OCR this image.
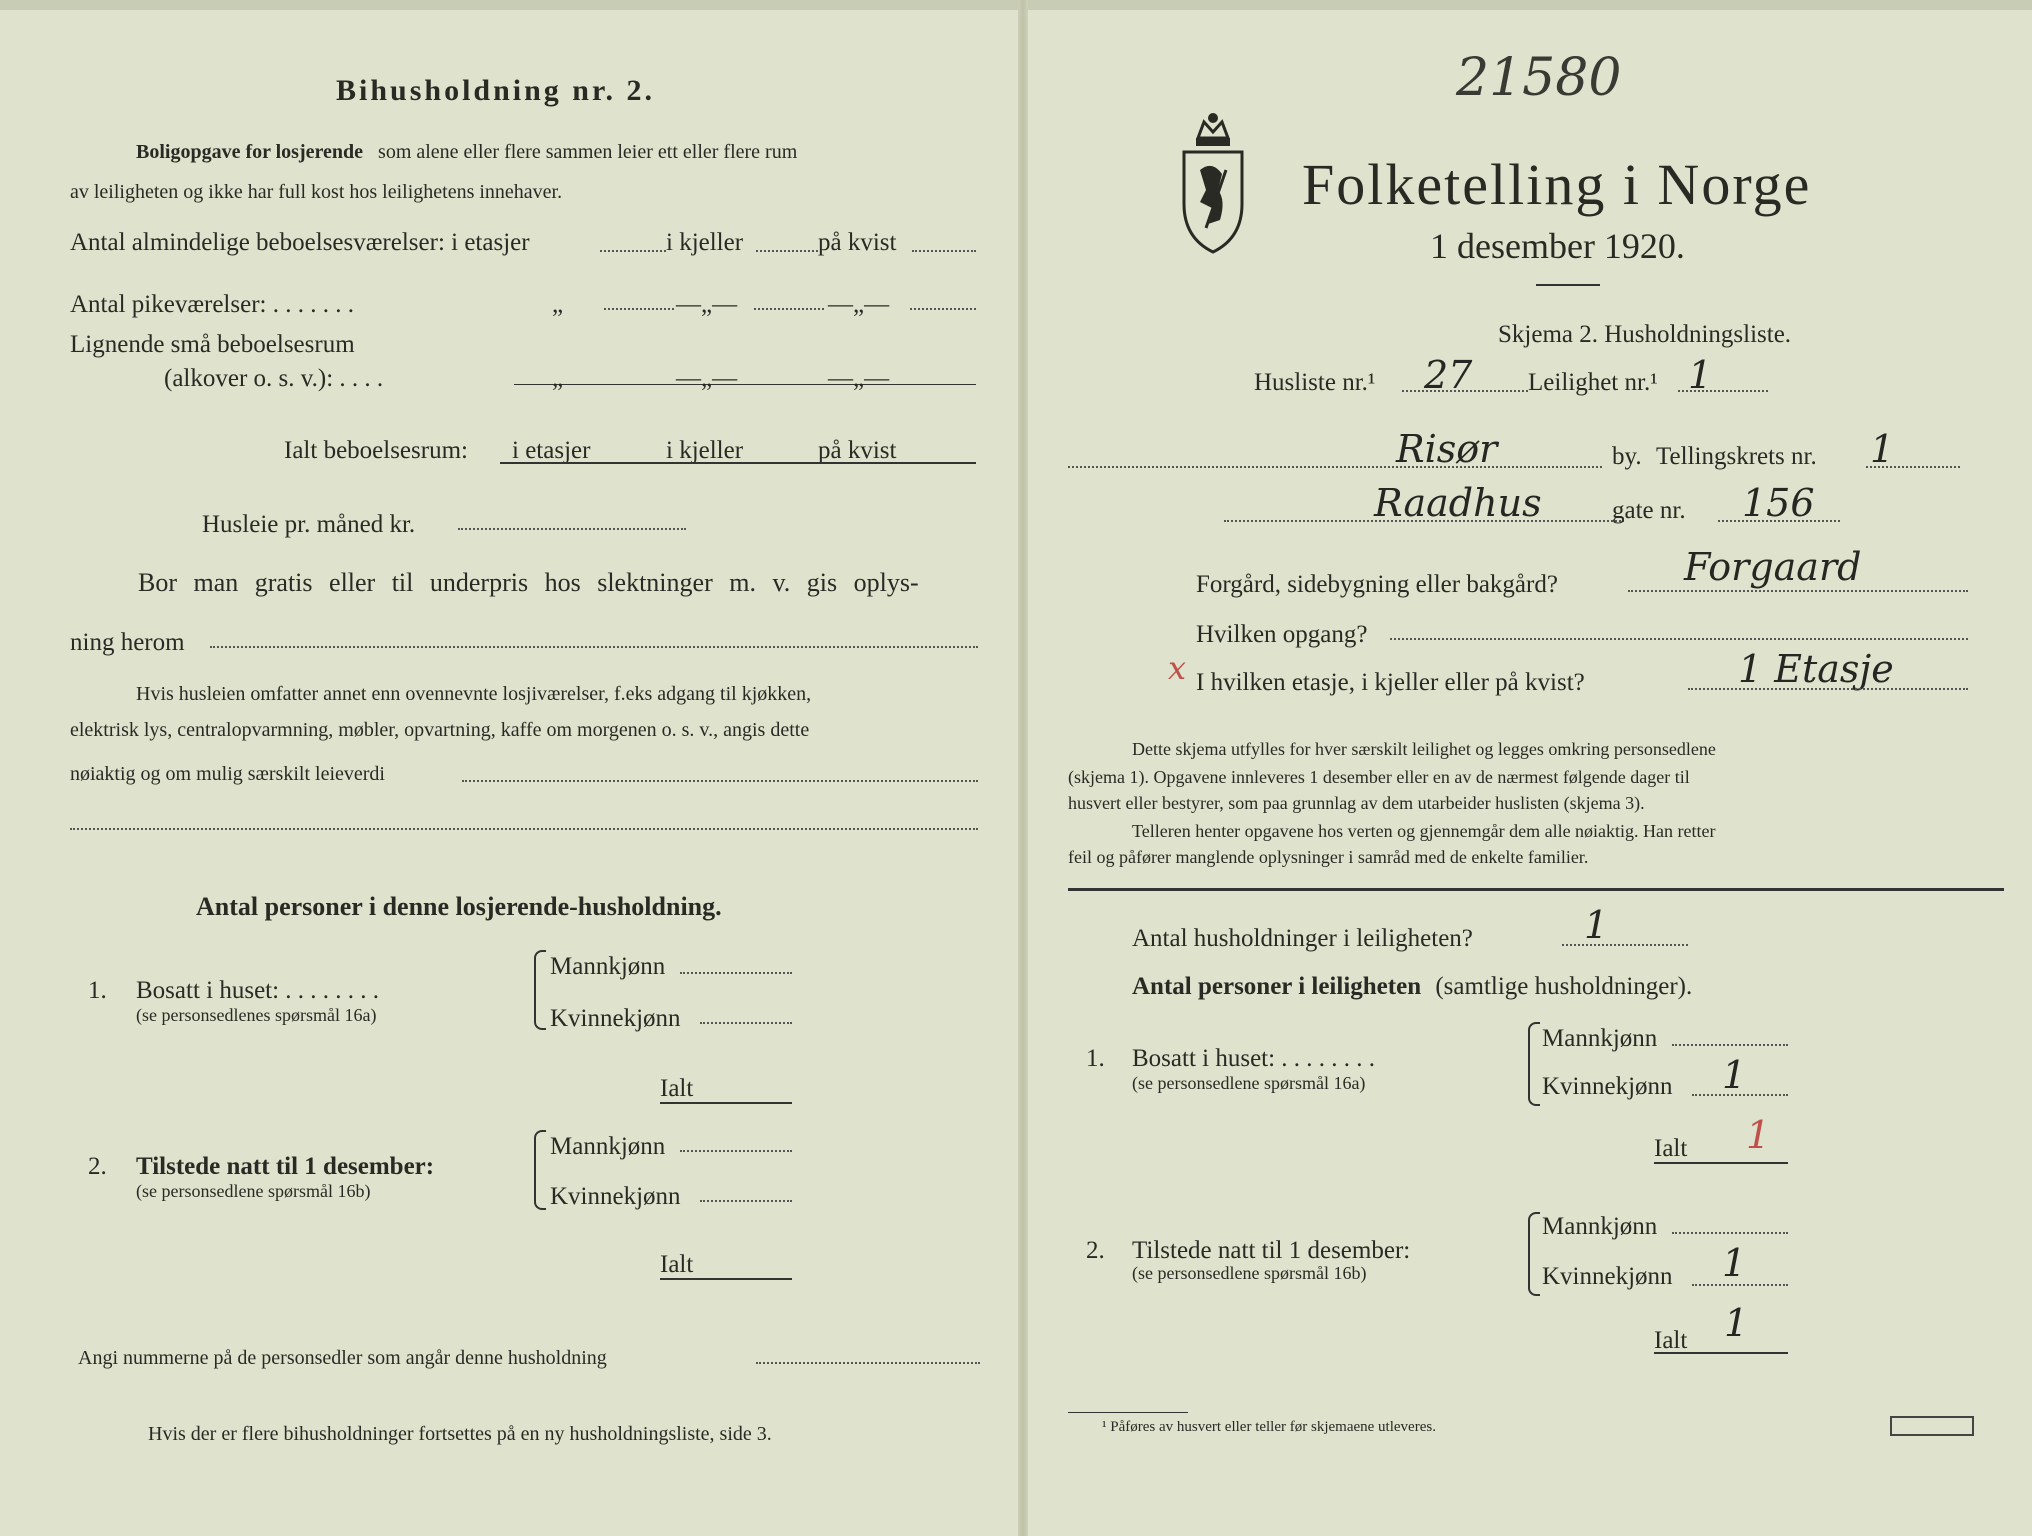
Bihusholdning nr. 2.
Boligopgave for losjerende som alene eller flere sammen leier ett eller flere rum
av leiligheten og ikke har full kost hos leilighetens innehaver.
Antal almindelige beboelsesværelser: i etasjer	i kjeller	på kvist
Antal pikeværelser: . . . . . . .	„	—„—	—„—
Lignende små beboelsesrum
(alkover o. s. v.): . . . .	„	—„—	—„—
Ialt beboelsesrum: i etasjer	i kjeller	på kvist
Husleie pr. måned kr.
Bor man gratis eller til underpris hos slektninger m. v. gis oplys-
ning herom
Hvis husleien omfatter annet enn ovennevnte losjiværelser, f.eks adgang til kjøkken,
elektrisk lys, centralopvarmning, møbler, opvartning, kaffe om morgenen o. s. v., angis dette
nøiaktig og om mulig særskilt leieverdi
Antal personer i denne losjerende-husholdning.
1. Bosatt i huset: . . . . . . . .
(se personsedlenes spørsmål 16a)
Mannkjønn
Kvinnekjønn
Ialt
2. Tilstede natt til 1 desember:
(se personsedlene spørsmål 16b)
Mannkjønn
Kvinnekjønn
Ialt
Angi nummerne på de personsedler som angår denne husholdning
Hvis der er flere bihusholdninger fortsettes på en ny husholdningsliste, side 3.
21580
Folketelling i Norge
1 desember 1920.
Skjema 2. Husholdningsliste.
Husliste nr.¹ 27 Leilighet nr.¹ 1
Risør	by. Tellingskrets nr. 1
Raadhus	gate nr. 156
Forgård, sidebygning eller bakgård?	Forgaard
Hvilken opgang?
x I hvilken etasje, i kjeller eller på kvist?	1 Etasje
Dette skjema utfylles for hver særskilt leilighet og legges omkring personsedlene
(skjema 1). Opgavene innleveres 1 desember eller en av de nærmest følgende dager til
husvert eller bestyrer, som paa grunnlag av dem utarbeider huslisten (skjema 3).
Telleren henter opgavene hos verten og gjennemgår dem alle nøiaktig. Han retter
feil og påfører manglende oplysninger i samråd med de enkelte familier.
Antal husholdninger i leiligheten?	1
Antal personer i leiligheten (samtlige husholdninger).
1. Bosatt i huset: . . . . . . . .
(se personsedlene spørsmål 16a)
Mannkjønn
Kvinnekjønn 1
Ialt 1
2. Tilstede natt til 1 desember:
(se personsedlene spørsmål 16b)
Mannkjønn
Kvinnekjønn 1
Ialt 1
¹ Påføres av husvert eller teller før skjemaene utleveres.
